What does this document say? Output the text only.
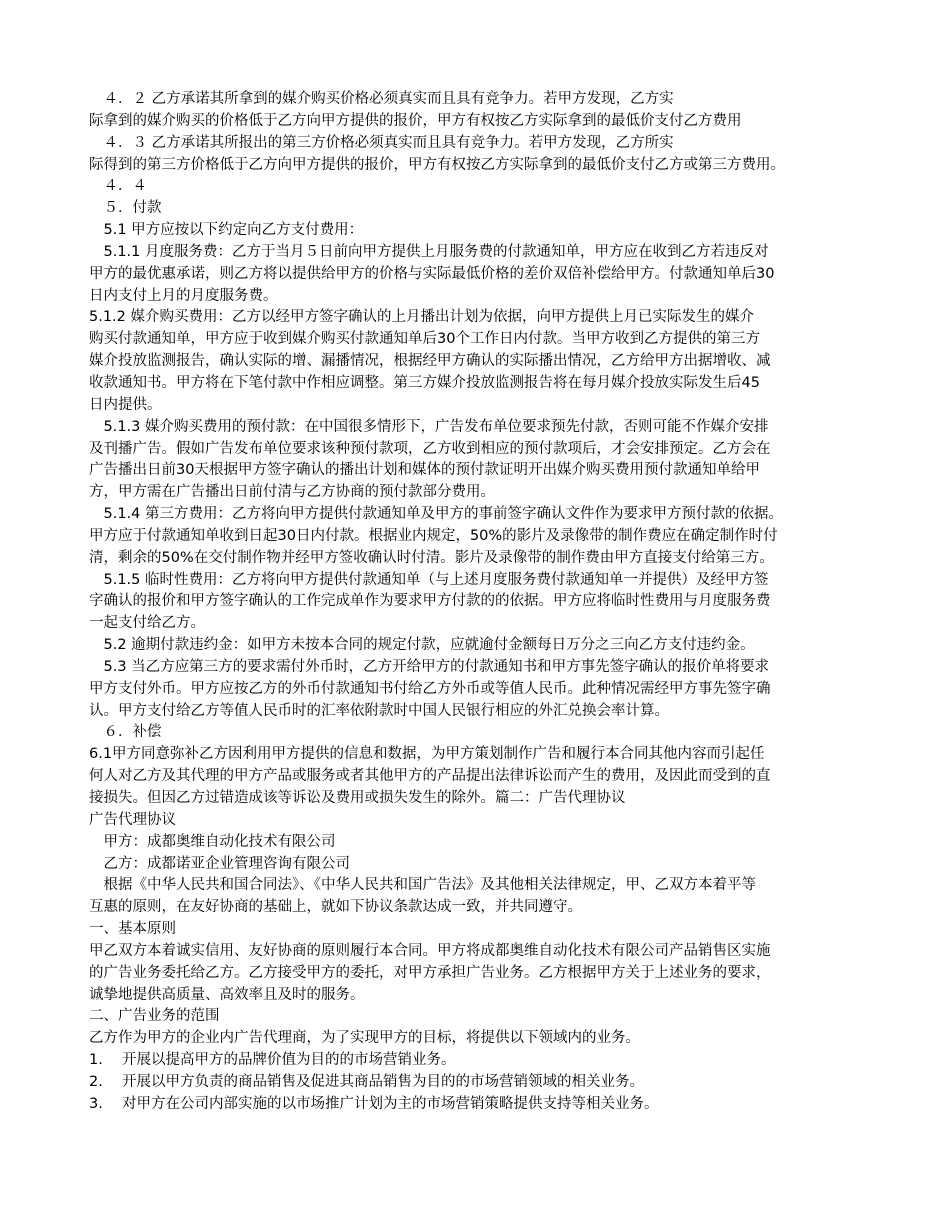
　４．２ 乙方承诺其所拿到的媒介购买价格必须真实而且具有竞争力。若甲方发现，乙方实

际拿到的媒介购买的价格低于乙方向甲方提供的报价，甲方有权按乙方实际拿到的最低价支付乙方费用

　４．３ 乙方承诺其所报出的第三方价格必须真实而且具有竞争力。若甲方发现，乙方所实

际得到的第三方价格低于乙方向甲方提供的报价，甲方有权按乙方实际拿到的最低价支付乙方或第三方费用。

　４．４

　５．付款

　5.1 甲方应按以下约定向乙方支付费用：

　5.1.1 月度服务费：乙方于当月５日前向甲方提供上月服务费的付款通知单，甲方应在收到乙方若违反对

甲方的最优惠承诺，则乙方将以提供给甲方的价格与实际最低价格的差价双倍补偿给甲方。付款通知单后30

日内支付上月的月度服务费。

5.1.2 媒介购买费用：乙方以经甲方签字确认的上月播出计划为依据，向甲方提供上月已实际发生的媒介

购买付款通知单，甲方应于收到媒介购买付款通知单后30个工作日内付款。当甲方收到乙方提供的第三方

媒介投放监测报告，确认实际的增、漏播情况，根据经甲方确认的实际播出情况，乙方给甲方出据增收、减

收款通知书。甲方将在下笔付款中作相应调整。第三方媒介投放监测报告将在每月媒介投放实际发生后45

日内提供。

　5.1.3 媒介购买费用的预付款：在中国很多情形下，广告发布单位要求预先付款，否则可能不作媒介安排

及刊播广告。假如广告发布单位要求该种预付款项，乙方收到相应的预付款项后，才会安排预定。乙方会在

广告播出日前30天根据甲方签字确认的播出计划和媒体的预付款证明开出媒介购买费用预付款通知单给甲

方，甲方需在广告播出日前付清与乙方协商的预付款部分费用。

　5.1.4 第三方费用：乙方将向甲方提供付款通知单及甲方的事前签字确认文件作为要求甲方预付款的依据。

甲方应于付款通知单收到日起30日内付款。根据业内规定，50%的影片及录像带的制作费应在确定制作时付

清，剩余的50%在交付制作物并经甲方签收确认时付清。影片及录像带的制作费由甲方直接支付给第三方。

　5.1.5 临时性费用：乙方将向甲方提供付款通知单（与上述月度服务费付款通知单一并提供）及经甲方签

字确认的报价和甲方签字确认的工作完成单作为要求甲方付款的的依据。甲方应将临时性费用与月度服务费

一起支付给乙方。

　5.2 逾期付款违约金：如甲方未按本合同的规定付款，应就逾付金额每日万分之三向乙方支付违约金。

　5.3 当乙方应第三方的要求需付外币时，乙方开给甲方的付款通知书和甲方事先签字确认的报价单将要求

甲方支付外币。甲方应按乙方的外币付款通知书付给乙方外币或等值人民币。此种情况需经甲方事先签字确

认。甲方支付给乙方等值人民币时的汇率依附款时中国人民银行相应的外汇兑换会率计算。

　６．补偿

6.1甲方同意弥补乙方因利用甲方提供的信息和数据，为甲方策划制作广告和履行本合同其他内容而引起任

何人对乙方及其代理的甲方产品或服务或者其他甲方的产品提出法律诉讼而产生的费用，及因此而受到的直

接损失。但因乙方过错造成该等诉讼及费用或损失发生的除外。篇二：广告代理协议

广告代理协议

　甲方：成都奥维自动化技术有限公司

　乙方：成都诺亚企业管理咨询有限公司

　根据《中华人民共和国合同法》、《中华人民共和国广告法》及其他相关法律规定，甲、乙双方本着平等

互惠的原则，在友好协商的基础上，就如下协议条款达成一致，并共同遵守。

一、基本原则

甲乙双方本着诚实信用、友好协商的原则履行本合同。甲方将成都奥维自动化技术有限公司产品销售区实施

的广告业务委托给乙方。乙方接受甲方的委托，对甲方承担广告业务。乙方根据甲方关于上述业务的要求，

诚挚地提供高质量、高效率且及时的服务。

二、广告业务的范围

乙方作为甲方的企业内广告代理商，为了实现甲方的目标，将提供以下领域内的业务。

1.　 开展以提高甲方的品牌价值为目的的市场营销业务。

2.　 开展以甲方负责的商品销售及促进其商品销售为目的的市场营销领域的相关业务。

3.　 对甲方在公司内部实施的以市场推广计划为主的市场营销策略提供支持等相关业务。
